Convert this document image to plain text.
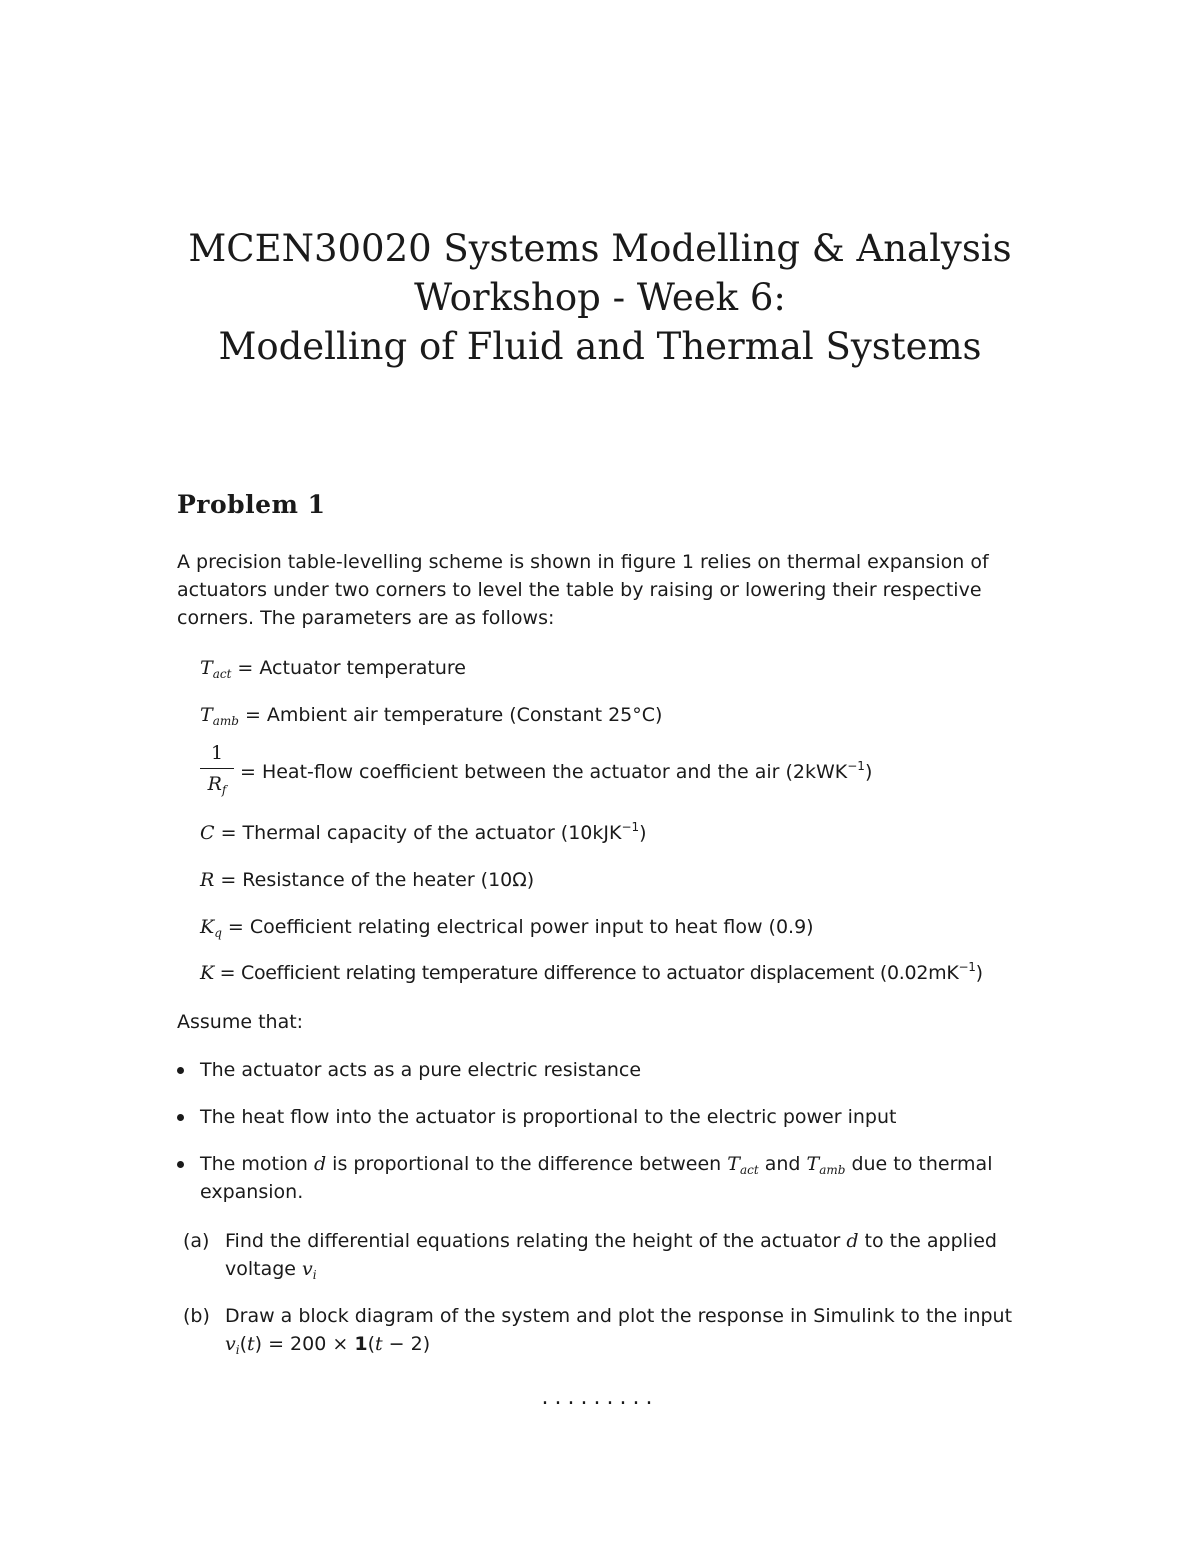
MCEN30020 Systems Modelling & Analysis
Workshop - Week 6:
Modelling of Fluid and Thermal Systems
Problem 1
A precision table-levelling scheme is shown in figure 1 relies on thermal expansion of actuators under two corners to level the table by raising or lowering their respective corners. The parameters are as follows:
$T_{act}$ = Actuator temperature
$T_{amb}$ = Ambient air temperature (Constant 25°C)
1
$R_f$
= Heat-flow coefficient between the actuator and the air (2kWK$^{-1}$)
C = Thermal capacity of the actuator (10kJK$^{-1}$)
R = Resistance of the heater (10Ω)
$K_q$ = Coefficient relating electrical power input to heat flow (0.9)
K = Coefficient relating temperature difference to actuator displacement $(0.02mK^{-1})$
Assume that:
The actuator acts as a pure electric resistance
The heat flow into the actuator is proportional to the electric power input
The motion d is proportional to the difference between $T_{act}$ and $T_{amb}$ due to thermal expansion.
(a) Find the differential equations relating the height of the actuator d to the applied voltage $v_i$
(b) Draw a block diagram of the system and plot the response in Simulink to the input $v_i(t) = 200 \times 1(t - 2)$
.........
